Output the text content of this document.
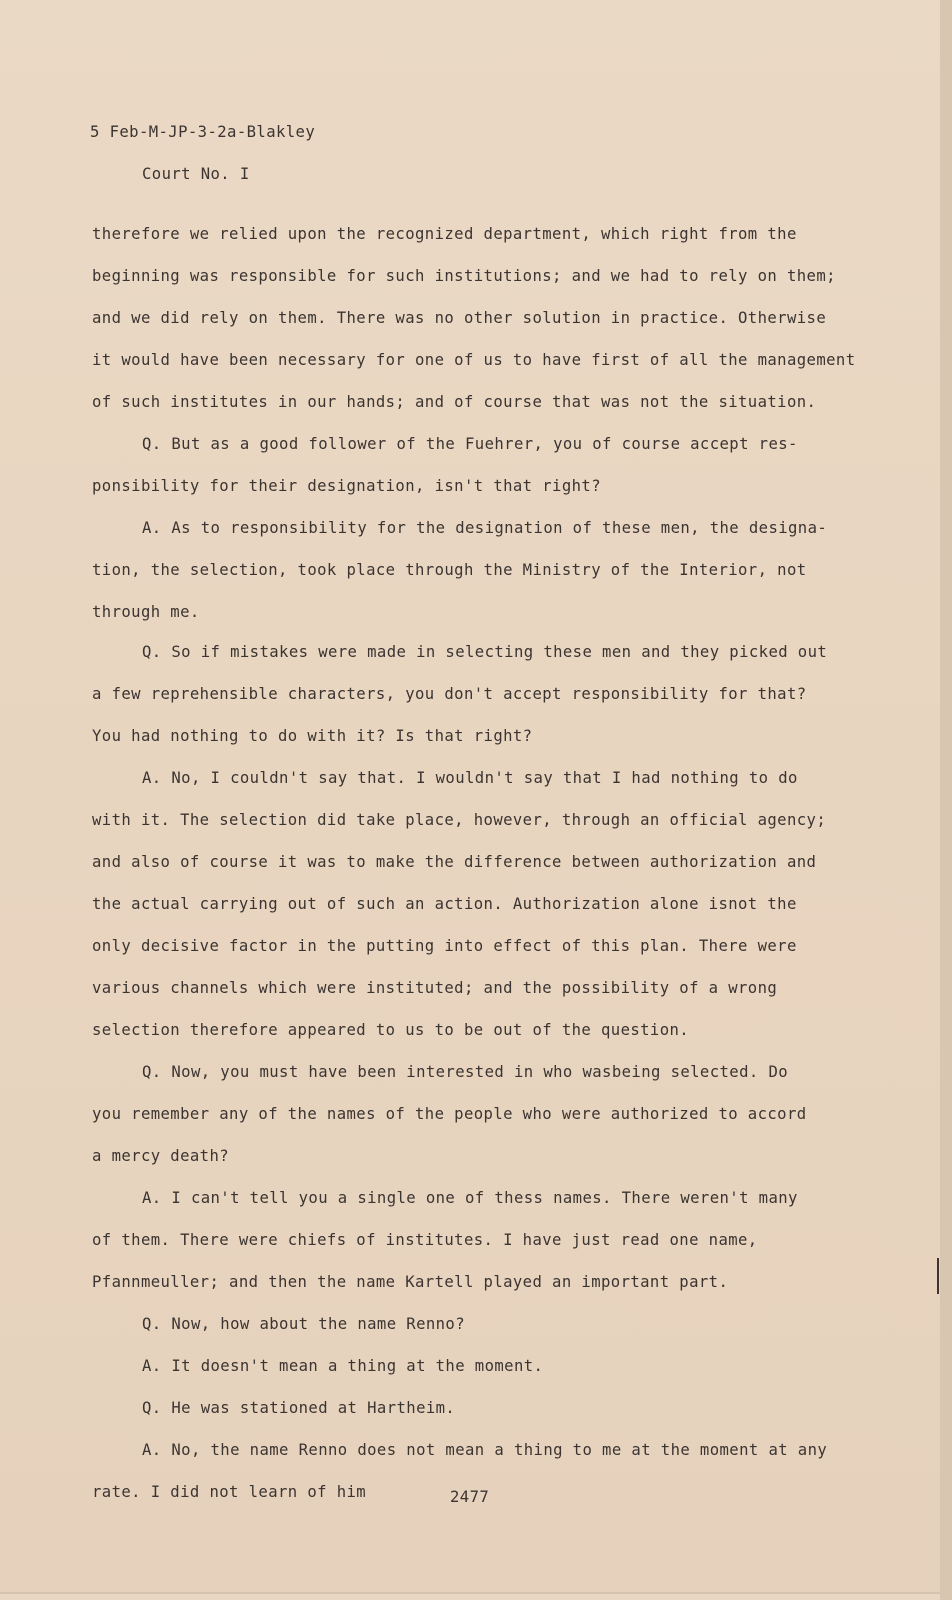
5 Feb-M-JP-3-2a-Blakley
Court No. I
therefore we relied upon the recognized department, which right from the
beginning was responsible for such institutions; and we had to rely on them;
and we did rely on them. There was no other solution in practice. Otherwise
it would have been necessary for one of us to have first of all the management
of such institutes in our hands; and of course that was not the situation.
Q. But as a good follower of the Fuehrer, you of course accept res-
ponsibility for their designation, isn't that right?
A. As to responsibility for the designation of these men, the designa-
tion, the selection, took place through the Ministry of the Interior, not
through me.
Q. So if mistakes were made in selecting these men and they picked out
a few reprehensible characters, you don't accept responsibility for that?
You had nothing to do with it? Is that right?
A. No, I couldn't say that. I wouldn't say that I had nothing to do
with it. The selection did take place, however, through an official agency;
and also of course it was to make the difference between authorization and
the actual carrying out of such an action. Authorization alone isnot the
only decisive factor in the putting into effect of this plan. There were
various channels which were instituted; and the possibility of a wrong
selection therefore appeared to us to be out of the question.
Q. Now, you must have been interested in who wasbeing selected. Do
you remember any of the names of the people who were authorized to accord
a mercy death?
A. I can't tell you a single one of thess names. There weren't many
of them. There were chiefs of institutes. I have just read one name,
Pfannmeuller; and then the name Kartell played an important part.
Q. Now, how about the name Renno?
A. It doesn't mean a thing at the moment.
Q. He was stationed at Hartheim.
A. No, the name Renno does not mean a thing to me at the moment at any
rate. I did not learn of him	2477
